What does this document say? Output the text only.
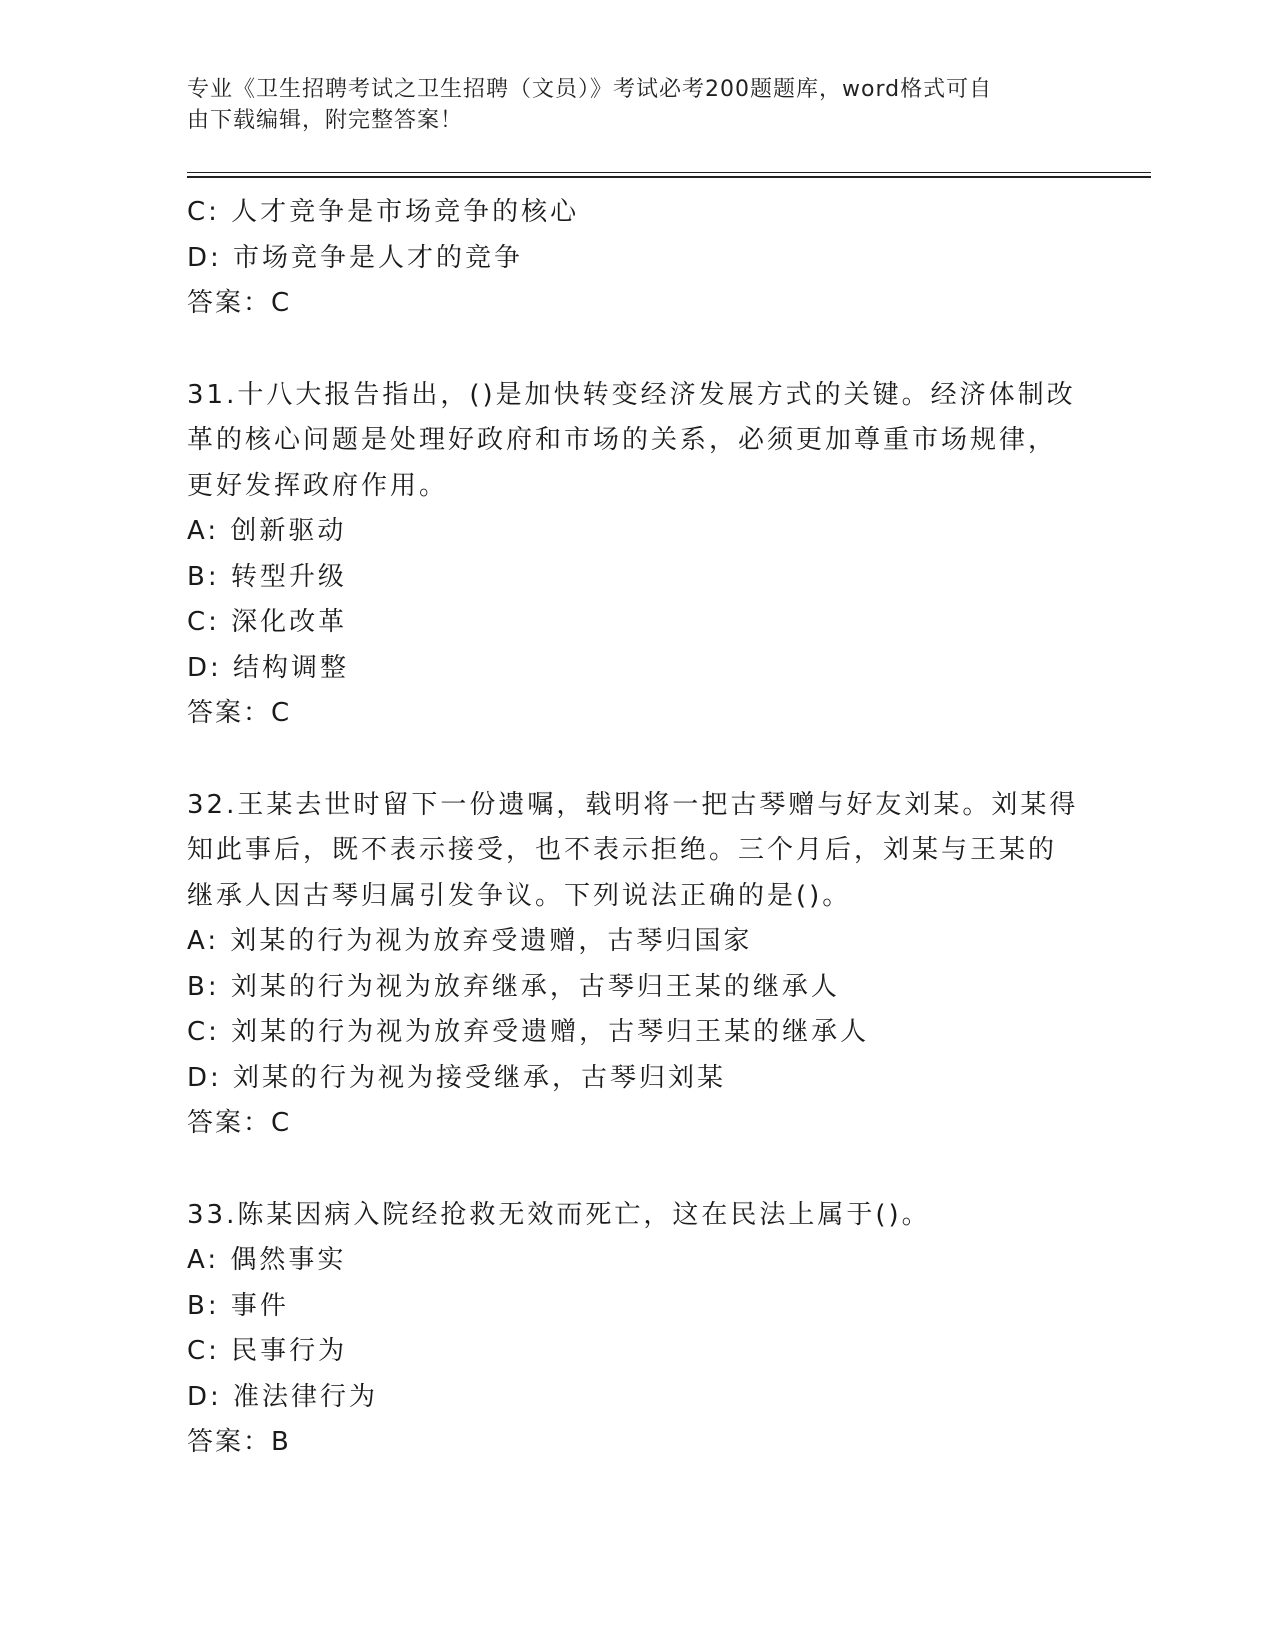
专业《卫生招聘考试之卫生招聘（文员）》考试必考200题题库，word格式可自
由下载编辑，附完整答案！
C: 人才竞争是市场竞争的核心
D: 市场竞争是人才的竞争
答案：C
31.十八大报告指出，()是加快转变经济发展方式的关键。经济体制改
革的核心问题是处理好政府和市场的关系，必须更加尊重市场规律，
更好发挥政府作用。
A: 创新驱动
B: 转型升级
C: 深化改革
D: 结构调整
答案：C
32.王某去世时留下一份遗嘱，载明将一把古琴赠与好友刘某。刘某得
知此事后，既不表示接受，也不表示拒绝。三个月后，刘某与王某的
继承人因古琴归属引发争议。下列说法正确的是()。
A: 刘某的行为视为放弃受遗赠，古琴归国家
B: 刘某的行为视为放弃继承，古琴归王某的继承人
C: 刘某的行为视为放弃受遗赠，古琴归王某的继承人
D: 刘某的行为视为接受继承，古琴归刘某
答案：C
33.陈某因病入院经抢救无效而死亡，这在民法上属于()。
A: 偶然事实
B: 事件
C: 民事行为
D: 准法律行为
答案：B
